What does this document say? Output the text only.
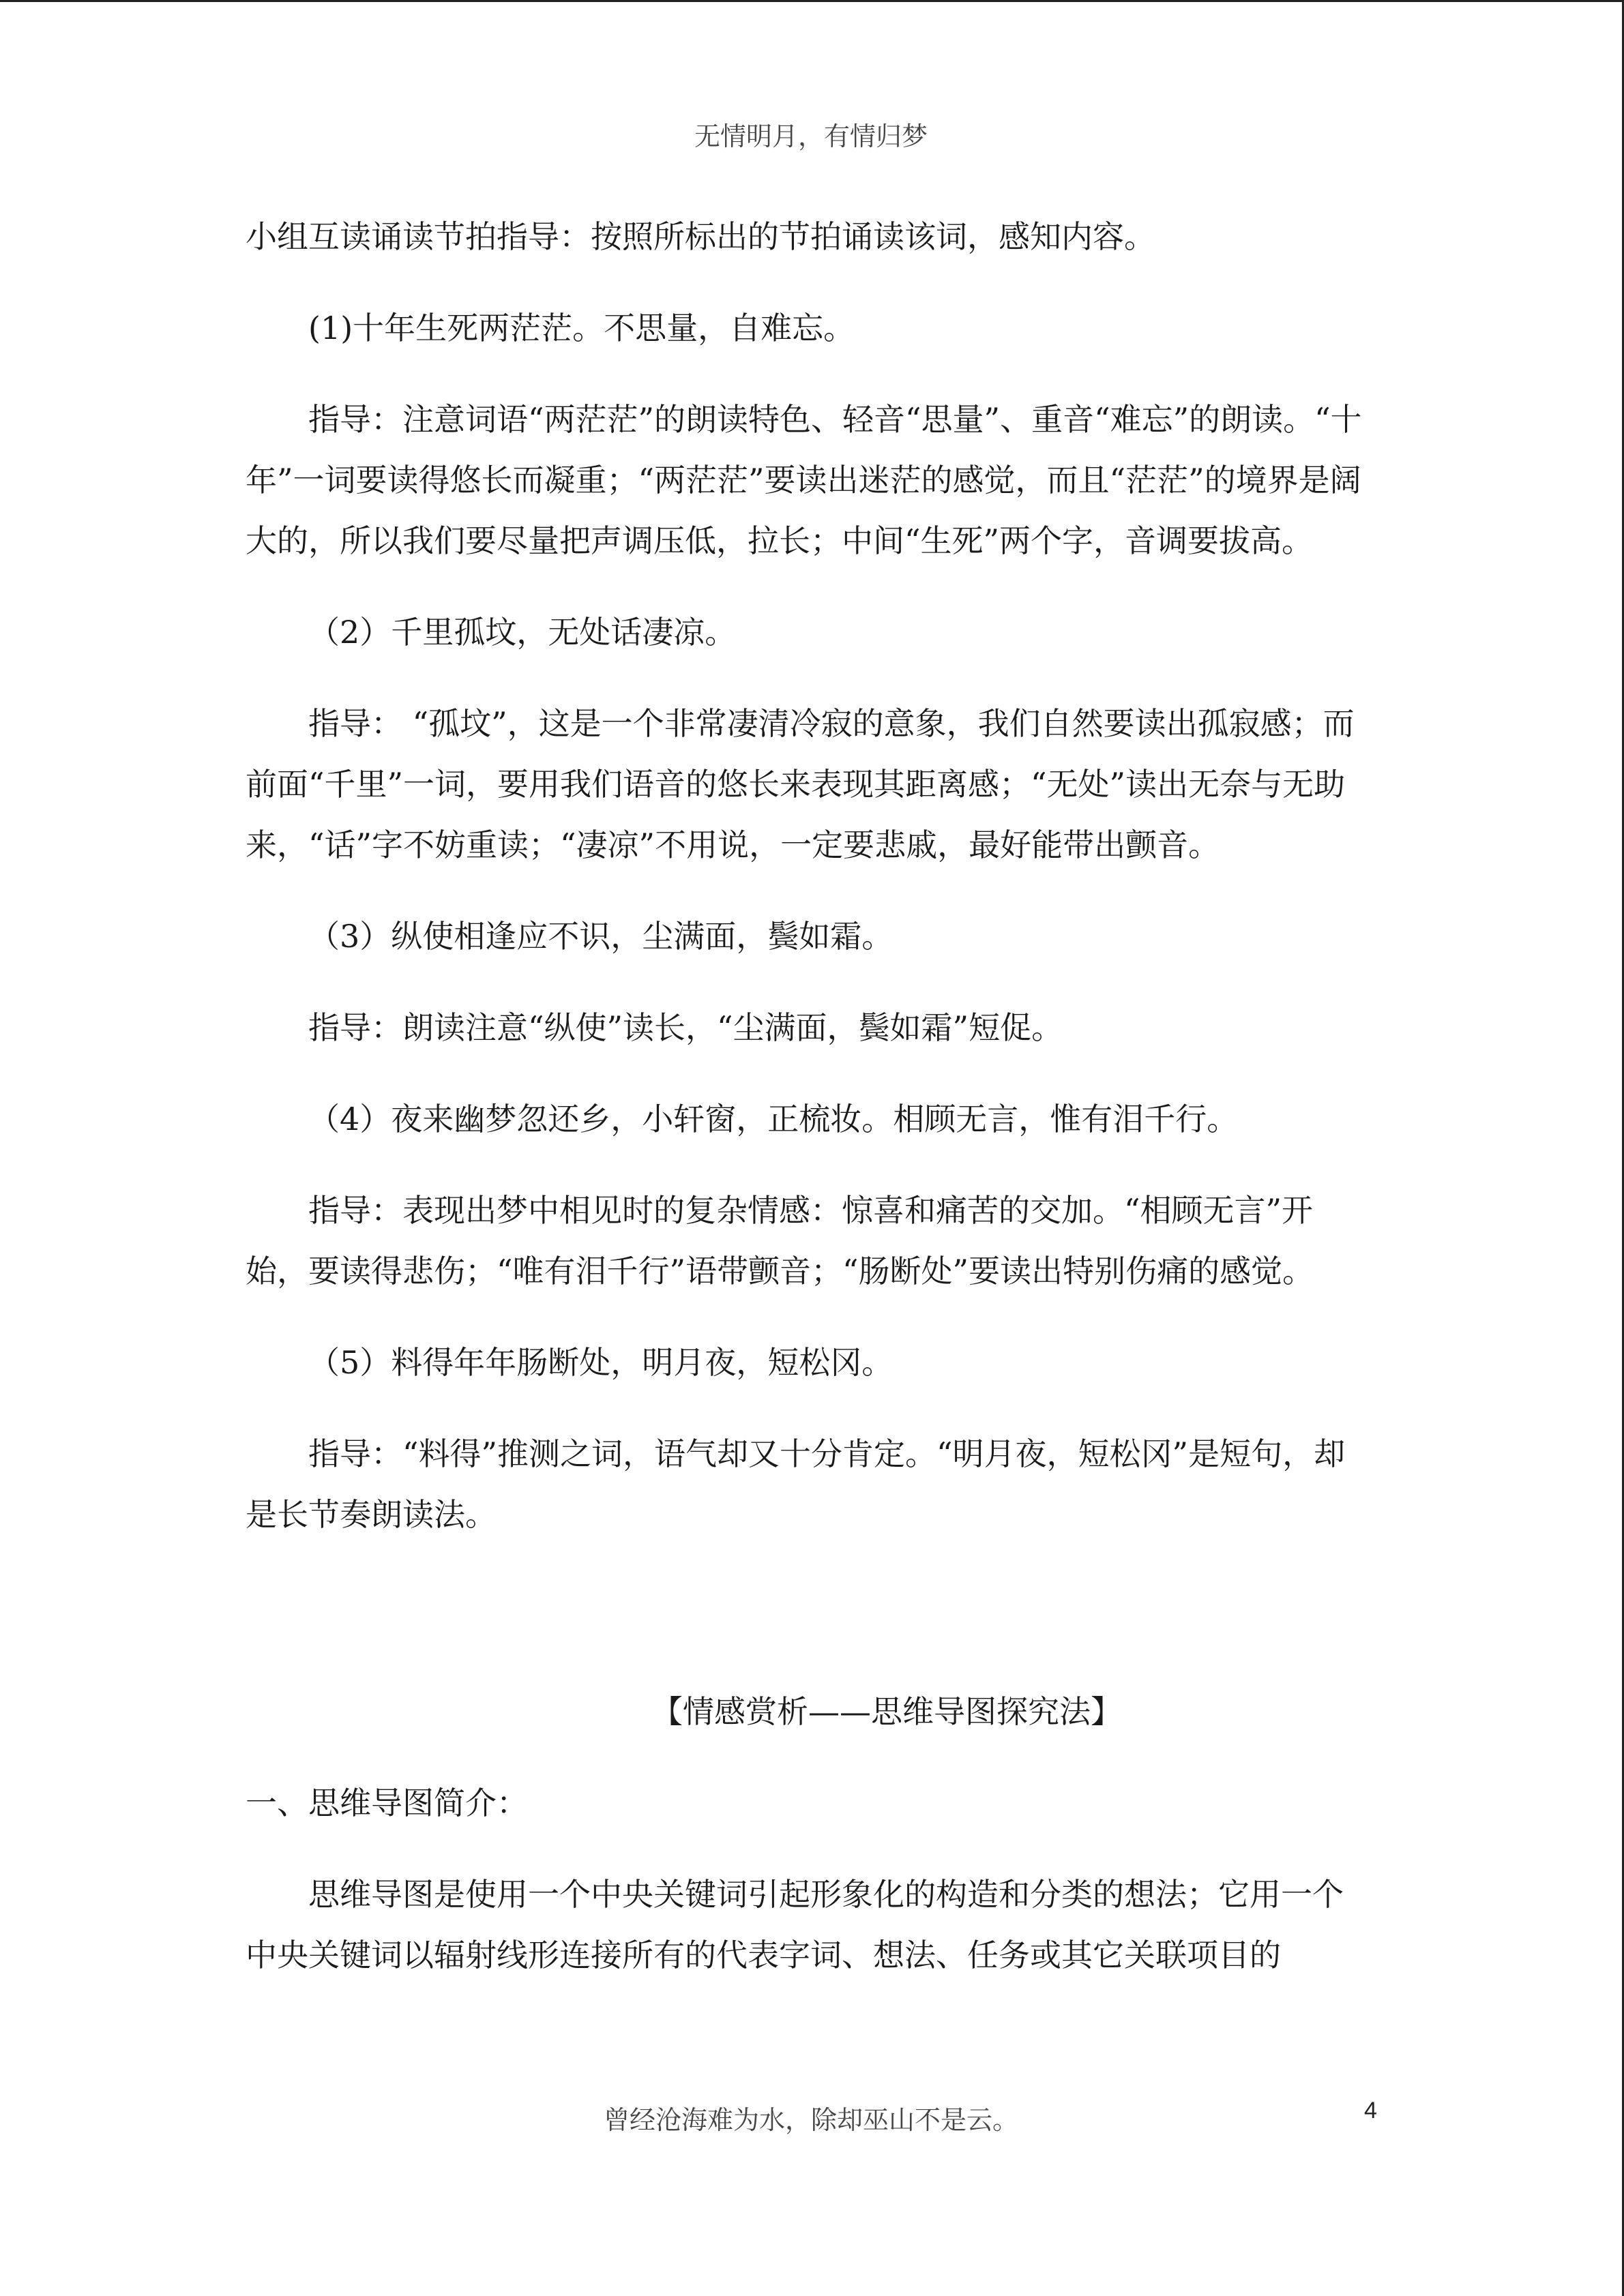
无情明月，有情归梦

小组互读诵读节拍指导：按照所标出的节拍诵读该词，感知内容。

(1)十年生死两茫茫。不思量，自难忘。

指导：注意词语“两茫茫”的朗读特色、轻音“思量”、重音“难忘”的朗读。“十年”一词要读得悠长而凝重；“两茫茫”要读出迷茫的感觉，而且“茫茫”的境界是阔大的，所以我们要尽量把声调压低，拉长；中间“生死”两个字，音调要拔高。

（2）千里孤坟，无处话凄凉。

指导： “孤坟”，这是一个非常凄清冷寂的意象，我们自然要读出孤寂感；而前面“千里”一词，要用我们语音的悠长来表现其距离感；“无处”读出无奈与无助来，“话”字不妨重读；“凄凉”不用说，一定要悲戚，最好能带出颤音。

（3）纵使相逢应不识，尘满面，鬓如霜。

指导：朗读注意“纵使”读长，“尘满面，鬓如霜”短促。

（4）夜来幽梦忽还乡，小轩窗，正梳妆。相顾无言，惟有泪千行。

指导：表现出梦中相见时的复杂情感：惊喜和痛苦的交加。“相顾无言”开始，要读得悲伤；“唯有泪千行”语带颤音；“肠断处”要读出特别伤痛的感觉。

（5）料得年年肠断处，明月夜，短松冈。

指导：“料得”推测之词，语气却又十分肯定。“明月夜，短松冈”是短句，却是长节奏朗读法。

【情感赏析——思维导图探究法】

一、思维导图简介：

思维导图是使用一个中央关键词引起形象化的构造和分类的想法；它用一个中央关键词以辐射线形连接所有的代表字词、想法、任务或其它关联项目的

曾经沧海难为水，除却巫山不是云。	4
